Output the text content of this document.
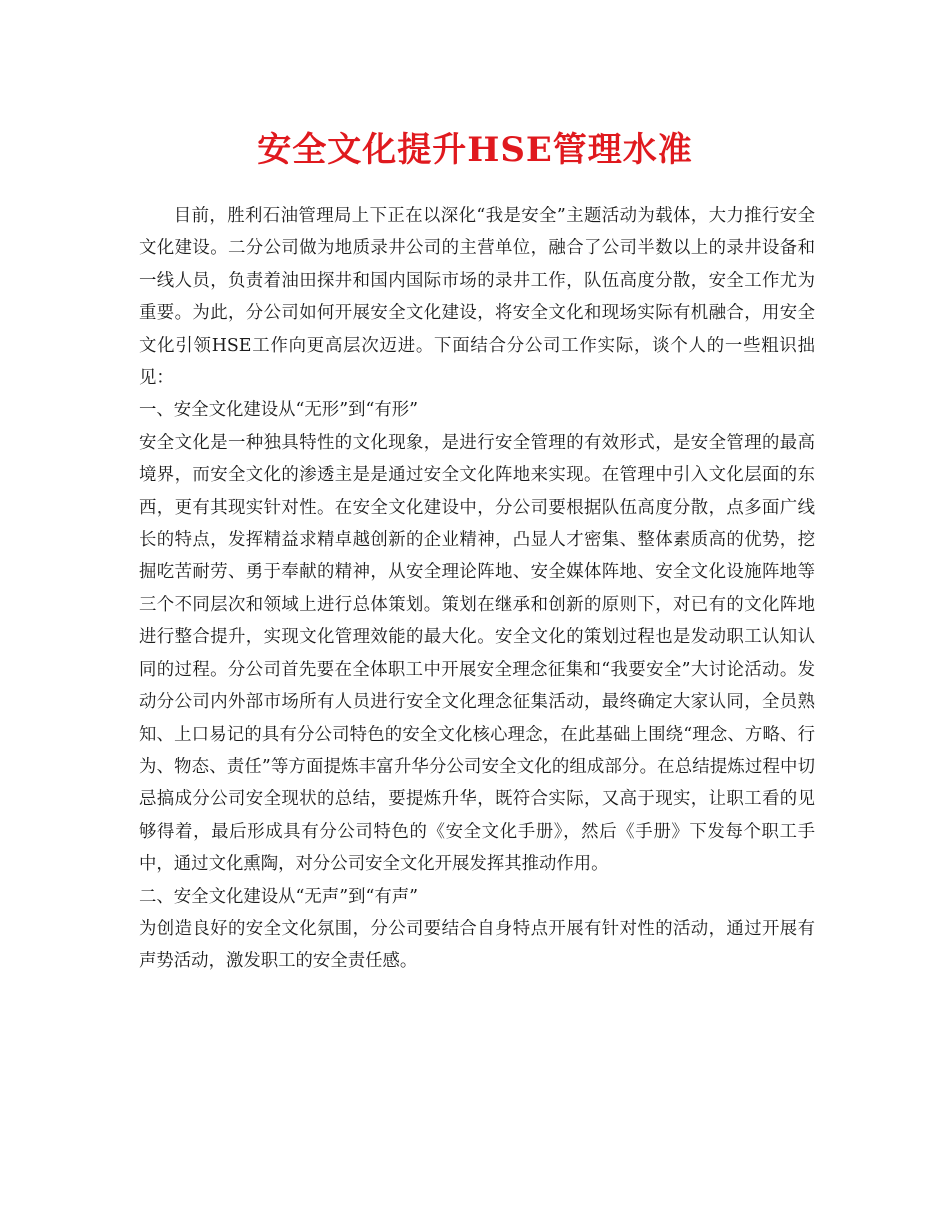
安全文化提升HSE管理水准

目前，胜利石油管理局上下正在以深化“我是安全”主题活动为载体，大力推行安全文化建设。二分公司做为地质录井公司的主营单位，融合了公司半数以上的录井设备和一线人员，负责着油田探井和国内国际市场的录井工作，队伍高度分散，安全工作尤为重要。为此，分公司如何开展安全文化建设，将安全文化和现场实际有机融合，用安全文化引领HSE工作向更高层次迈进。下面结合分公司工作实际，谈个人的一些粗识拙见：

一、安全文化建设从“无形”到“有形”

安全文化是一种独具特性的文化现象，是进行安全管理的有效形式，是安全管理的最高境界，而安全文化的渗透主是是通过安全文化阵地来实现。在管理中引入文化层面的东西，更有其现实针对性。在安全文化建设中，分公司要根据队伍高度分散，点多面广线长的特点，发挥精益求精卓越创新的企业精神，凸显人才密集、整体素质高的优势，挖掘吃苦耐劳、勇于奉献的精神，从安全理论阵地、安全媒体阵地、安全文化设施阵地等三个不同层次和领域上进行总体策划。策划在继承和创新的原则下，对已有的文化阵地进行整合提升，实现文化管理效能的最大化。安全文化的策划过程也是发动职工认知认同的过程。分公司首先要在全体职工中开展安全理念征集和“我要安全”大讨论活动。发动分公司内外部市场所有人员进行安全文化理念征集活动，最终确定大家认同，全员熟知、上口易记的具有分公司特色的安全文化核心理念，在此基础上围绕“理念、方略、行为、物态、责任”等方面提炼丰富升华分公司安全文化的组成部分。在总结提炼过程中切忌搞成分公司安全现状的总结，要提炼升华，既符合实际，又高于现实，让职工看的见够得着，最后形成具有分公司特色的《安全文化手册》，然后《手册》下发每个职工手中，通过文化熏陶，对分公司安全文化开展发挥其推动作用。

二、安全文化建设从“无声”到“有声”

为创造良好的安全文化氛围，分公司要结合自身特点开展有针对性的活动，通过开展有声势活动，激发职工的安全责任感。
